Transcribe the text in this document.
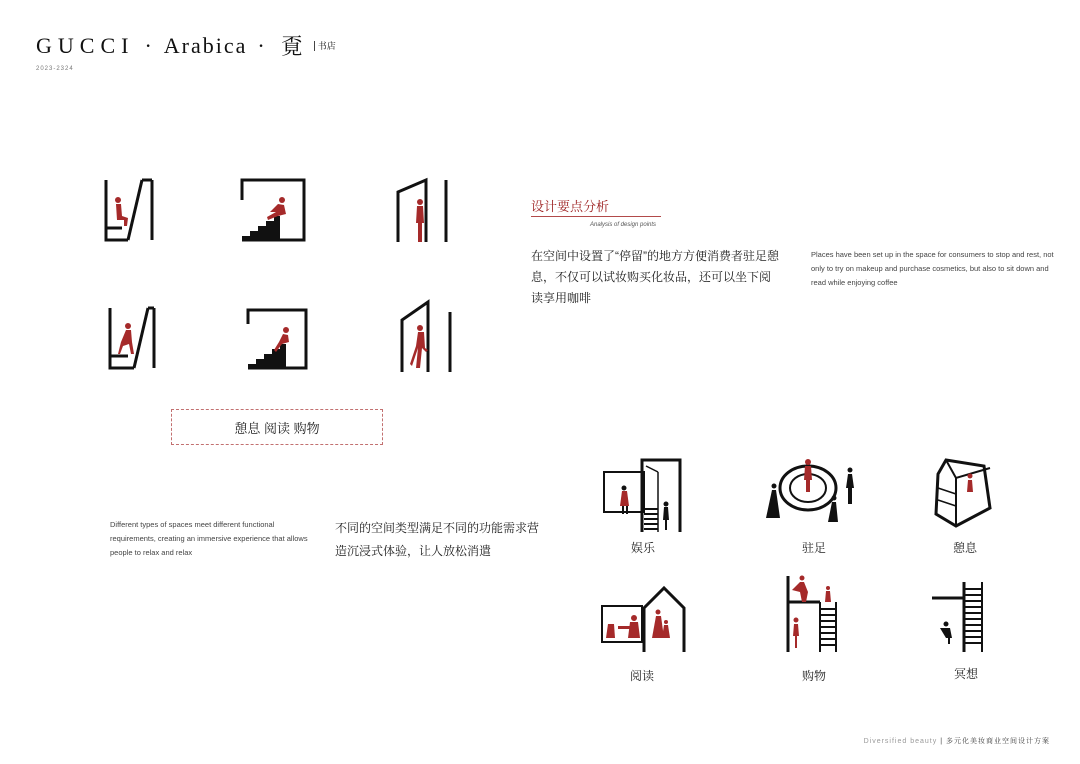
GUCCI · Arabica · 覔 书店
2023-2324
设计要点分析
Analysis of design points
在空间中设置了“停留”的地方方便消费者驻足憩息，不仅可以试妆购买化妆品，还可以坐下阅读享用咖啡
Places have been set up in the space for consumers to stop and rest, not only to try on makeup and purchase cosmetics, but also to sit down and read while enjoying coffee
憩息 阅读 购物
Different types of spaces meet different functional requirements, creating an immersive experience that allows people to relax and relax
不同的空间类型满足不同的功能需求营造沉浸式体验，让人放松消遣	娱乐	驻足	憩息
阅读	购物	冥想
Diversified beauty | 多元化美妆商业空间设计方案
